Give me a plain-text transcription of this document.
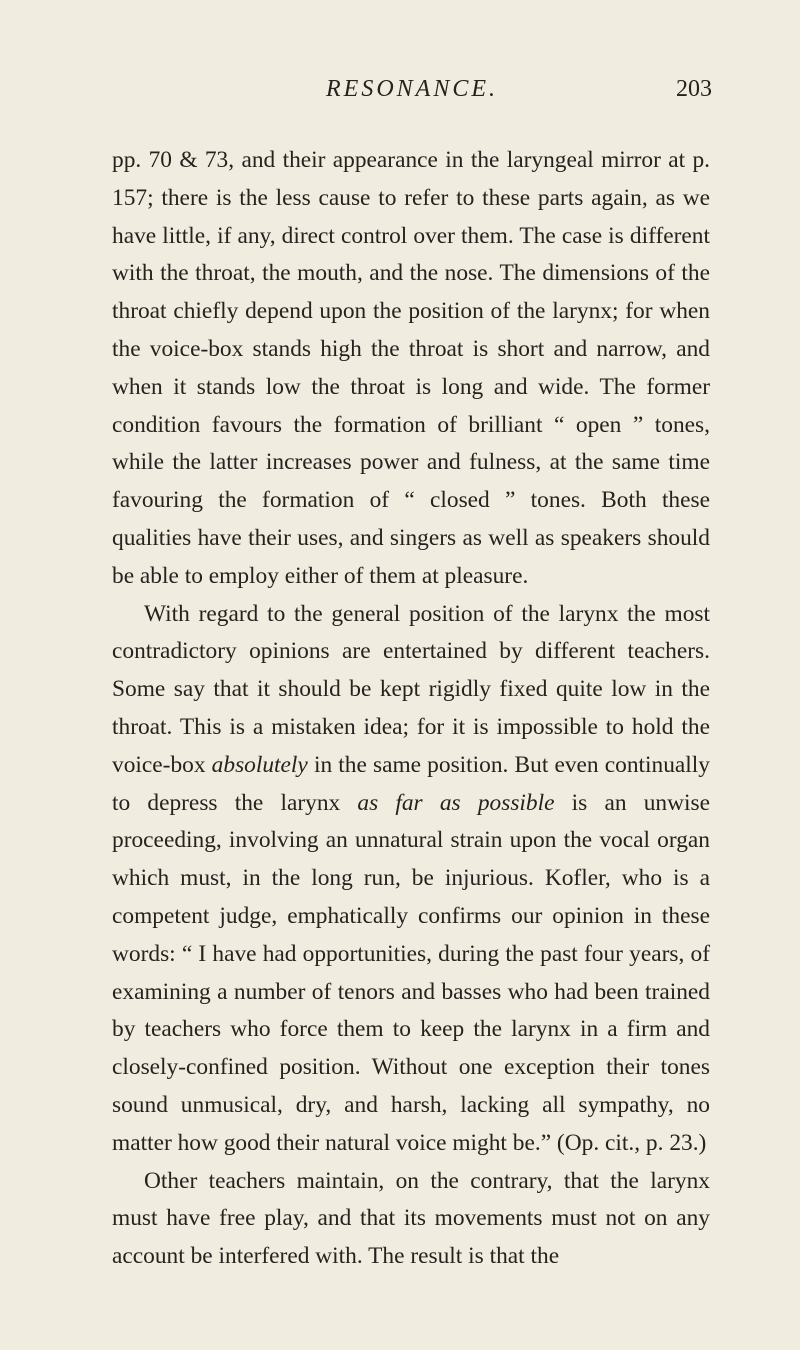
RESONANCE.	203

pp. 70 & 73, and their appearance in the laryngeal mirror at p. 157; there is the less cause to refer to these parts again, as we have little, if any, direct control over them. The case is different with the throat, the mouth, and the nose. The dimensions of the throat chiefly depend upon the position of the larynx; for when the voice-box stands high the throat is short and narrow, and when it stands low the throat is long and wide. The former condition favours the formation of brilliant “ open ” tones, while the latter increases power and fulness, at the same time favouring the formation of “ closed ” tones. Both these qualities have their uses, and singers as well as speakers should be able to employ either of them at pleasure.

With regard to the general position of the larynx the most contradictory opinions are entertained by different teachers. Some say that it should be kept rigidly fixed quite low in the throat. This is a mistaken idea; for it is impossible to hold the voice-box absolutely in the same position. But even continually to depress the larynx as far as possible is an unwise proceeding, involving an unnatural strain upon the vocal organ which must, in the long run, be injurious. Kofler, who is a competent judge, emphatically confirms our opinion in these words: “ I have had opportunities, during the past four years, of examining a number of tenors and basses who had been trained by teachers who force them to keep the larynx in a firm and closely-confined position. Without one exception their tones sound unmusical, dry, and harsh, lacking all sympathy, no matter how good their natural voice might be.” (Op. cit., p. 23.)

Other teachers maintain, on the contrary, that the larynx must have free play, and that its movements must not on any account be interfered with. The result is that the
